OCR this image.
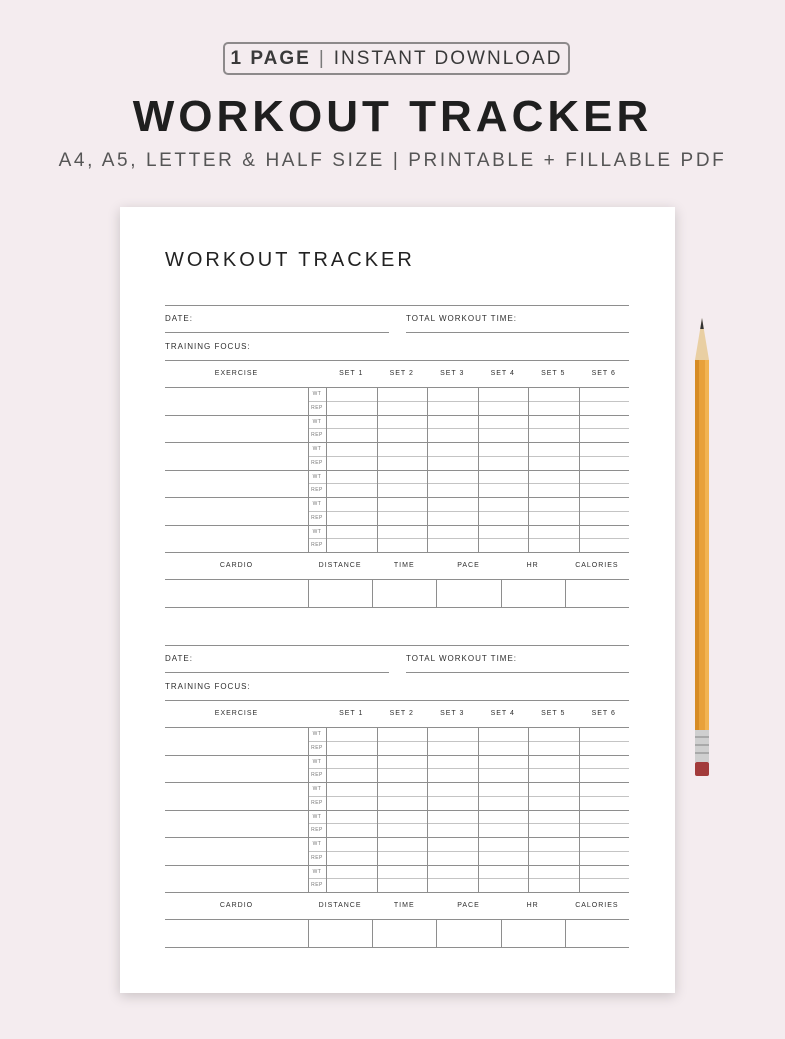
1 PAGE | INSTANT DOWNLOAD
WORKOUT TRACKER
A4, A5, LETTER & HALF SIZE | PRINTABLE + FILLABLE PDF
WORKOUT TRACKER
DATE:	TOTAL WORKOUT TIME:
TRAINING FOCUS:
EXERCISE	SET 1	SET 2	SET 3	SET 4	SET 5	SET 6
WT
REP
WT
REP
WT
REP
WT
REP
WT
REP
WT
REP
CARDIO	DISTANCE	TIME	PACE	HR	CALORIES
DATE:	TOTAL WORKOUT TIME:
TRAINING FOCUS:
EXERCISE	SET 1	SET 2	SET 3	SET 4	SET 5	SET 6
WT
REP
WT
REP
WT
REP
WT
REP
WT
REP
WT
REP
CARDIO	DISTANCE	TIME	PACE	HR	CALORIES
